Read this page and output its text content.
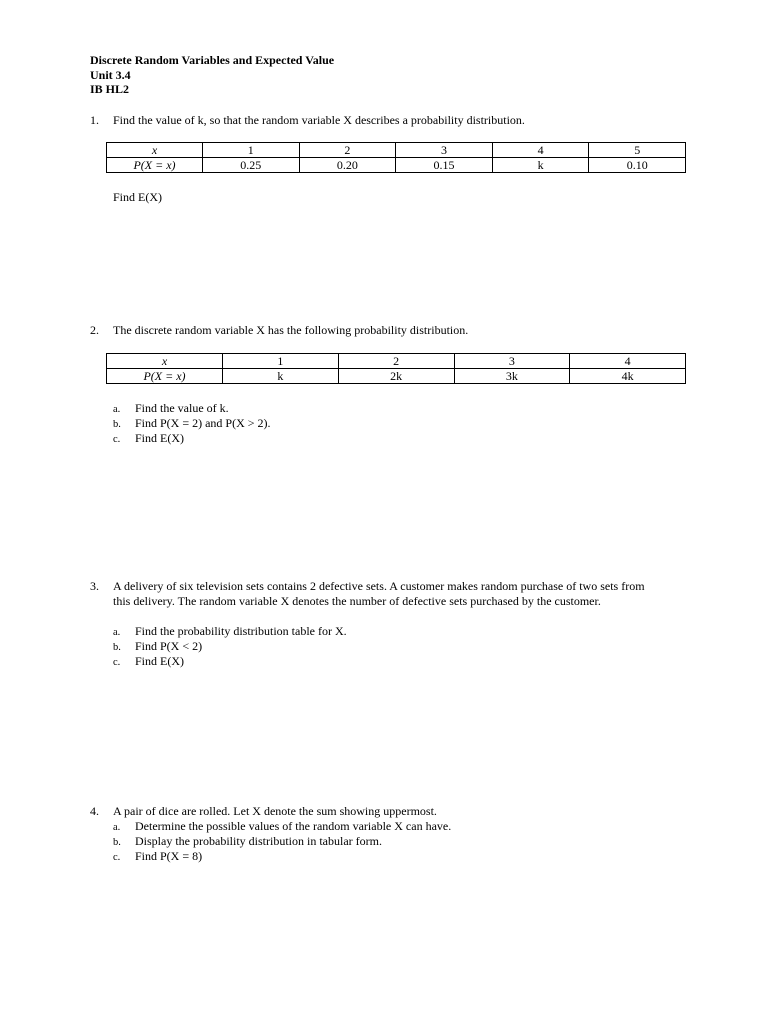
Discrete Random Variables and Expected Value
Unit 3.4
IB HL2
1.	Find the value of k, so that the random variable X describes a probability distribution.
x	1	2	3	4	5
P(X = x)	0.25	0.20	0.15	k	0.10
Find E(X)
2.	The discrete random variable X has the following probability distribution.
x	1	2	3	4
P(X = x)	k	2k	3k	4k
a. Find the value of k.
b. Find P(X = 2) and P(X > 2).
c. Find E(X)
3.	A delivery of six television sets contains 2 defective sets. A customer makes random purchase of two sets from
this delivery. The random variable X denotes the number of defective sets purchased by the customer.
a. Find the probability distribution table for X.
b. Find P(X < 2)
c. Find E(X)
4.	A pair of dice are rolled. Let X denote the sum showing uppermost.
a. Determine the possible values of the random variable X can have.
b. Display the probability distribution in tabular form.
c. Find P(X = 8)
